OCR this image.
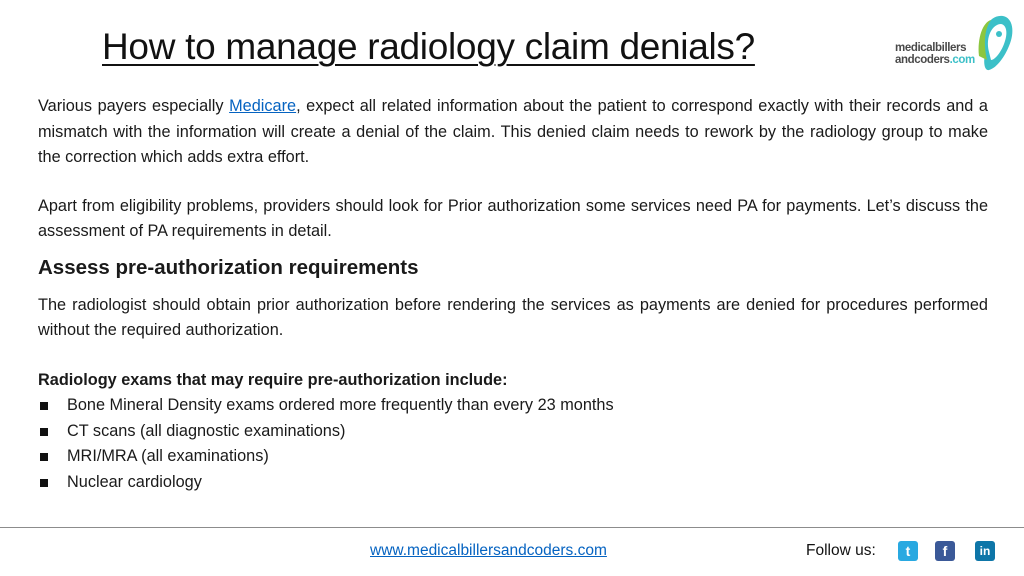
How to manage radiology claim denials?	medicalbillers
andcoders.com

Various payers especially Medicare, expect all related information about the patient to correspond exactly with their records and a mismatch with the information will create a denial of the claim. This denied claim needs to rework by the radiology group to make the correction which adds extra effort.

Apart from eligibility problems, providers should look for Prior authorization some services need PA for payments. Let’s discuss the assessment of PA requirements in detail.

Assess pre-authorization requirements

The radiologist should obtain prior authorization before rendering the services as payments are denied for procedures performed without the required authorization.

Radiology exams that may require pre-authorization include:
Bone Mineral Density exams ordered more frequently than every 23 months
CT scans (all diagnostic examinations)
MRI/MRA (all examinations)
Nuclear cardiology
www.medicalbillersandcoders.com	Follow us:	t	f	in
